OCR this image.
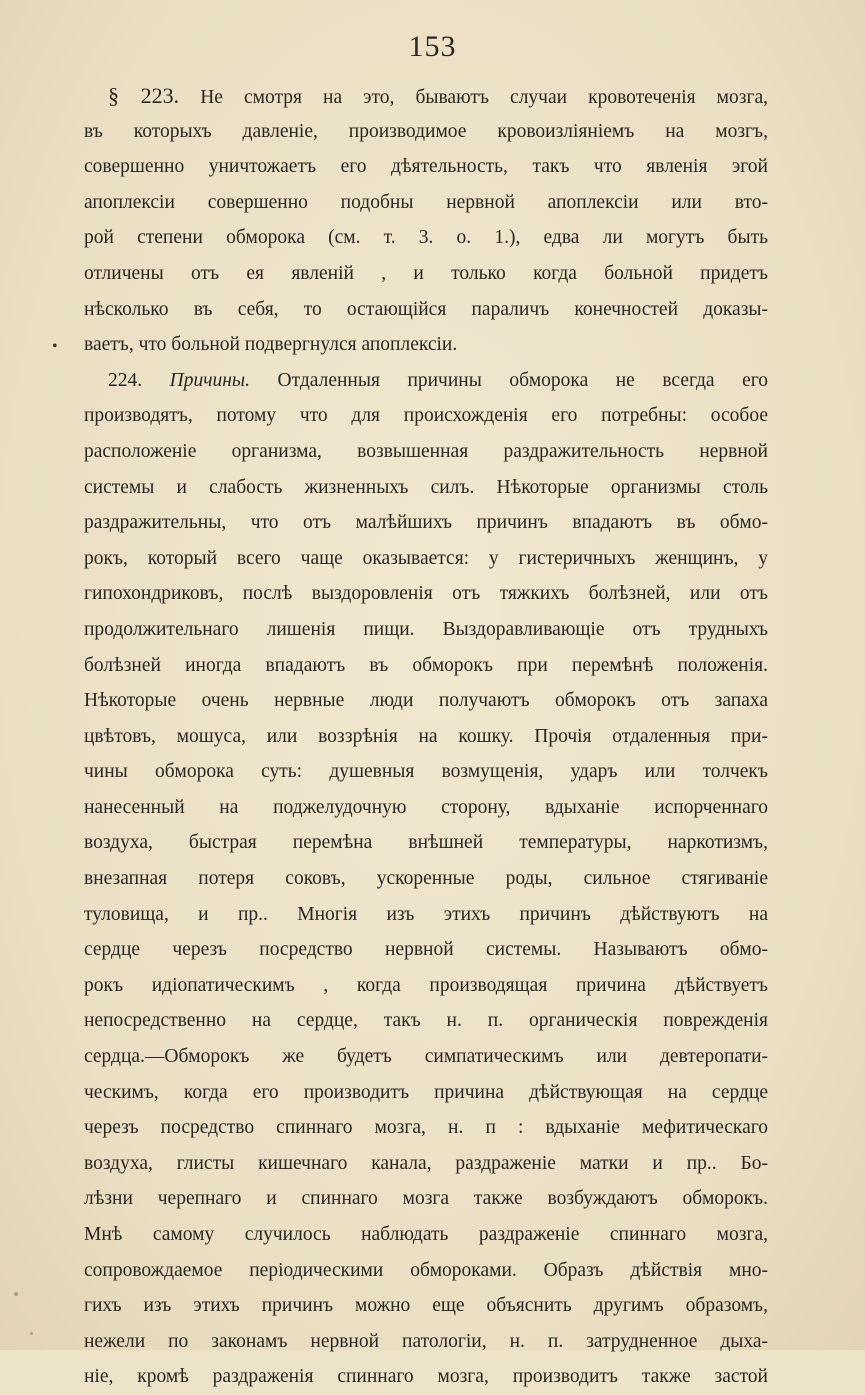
153
•
§ 223. Не смотря на это, бываютъ случаи кровотеченія мозга,
въ которыхъ давленіе, производимое кровоизліяніемъ на мозгъ,
совершенно уничтожаетъ его дѣятельность, такъ что явленія эгой
апоплексіи совершенно подобны нервной апоплексіи или вто-
рой степени обморока (см. т. 3. о. 1.), едва ли могутъ быть
отличены отъ ея явленій , и только когда больной придетъ
нѣсколько въ себя, то остающійся параличъ конечностей доказы-
ваетъ, что больной подвергнулся апоплексіи.
224. Причины. Отдаленныя причины обморока не всегда его
производятъ, потому что для происхожденія его потребны: особое
расположеніе организма, возвышенная раздражительность нервной
системы и слабость жизненныхъ силъ. Нѣкоторые организмы столь
раздражительны, что отъ малѣйшихъ причинъ впадаютъ въ обмо-
рокъ, который всего чаще оказывается: у гистеричныхъ женщинъ, у
гипохондриковъ, послѣ выздоровленія отъ тяжкихъ болѣзней, или отъ
продолжительнаго лишенія пищи. Выздоравливающіе отъ трудныхъ
болѣзней иногда впадаютъ въ обморокъ при перемѣнѣ положенія.
Нѣкоторые очень нервные люди получаютъ обморокъ отъ запаха
цвѣтовъ, мошуса, или воззрѣнія на кошку. Прочія отдаленныя при-
чины обморока суть: душевныя возмущенія, ударъ или толчекъ
нанесенный на поджелудочную сторону, вдыханіе испорченнаго
воздуха, быстрая перемѣна внѣшней температуры, наркотизмъ,
внезапная потеря соковъ, ускоренные роды, сильное стягиваніе
туловища, и пр.. Многія изъ этихъ причинъ дѣйствуютъ на
сердце черезъ посредство нервной системы. Называютъ обмо-
рокъ идіопатическимъ , когда производящая причина дѣйствуетъ
непосредственно на сердце, такъ н. п. органическія поврежденія
сердца.—Обморокъ же будетъ симпатическимъ или девтеропати-
ческимъ, когда его производитъ причина дѣйствующая на сердце
черезъ посредство спиннаго мозга, н. п : вдыханіе мефитическаго
воздуха, глисты кишечнаго канала, раздраженіе матки и пр.. Бо-
лѣзни черепнаго и спиннаго мозга также возбуждаютъ обморокъ.
Мнѣ самому случилось наблюдать раздраженіе спиннаго мозга,
сопровождаемое періодическими обмороками. Образъ дѣйствія мно-
гихъ изъ этихъ причинъ можно еще объяснить другимъ образомъ,
нежели по законамъ нервной патологіи, н. п. затрудненное дыха-
ніе, кромѣ раздраженія спиннаго мозга, производитъ также застой
